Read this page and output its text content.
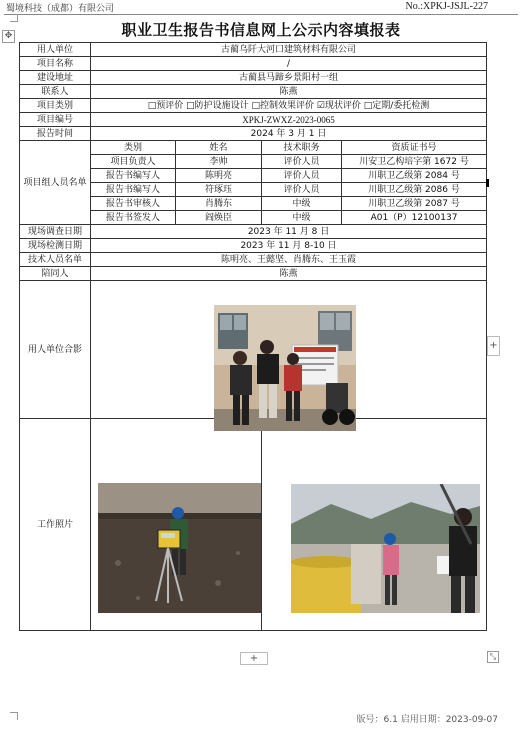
蜀境科技（成都）有限公司	No.:XPKJ-JSJL-227
职业卫生报告书信息网上公示内容填报表
✥
用人单位	古蔺乌阡大河口建筑材料有限公司			
项目名称	/			
建设地址	古蔺县马蹄乡景阳村一组			
联系人	陈燕			
项目类别	□预评价 □防护设施设计 □控制效果评价 ☑现状评价 □定期/委托检测			
项目编号	XPKJ-ZWXZ-2023-0065			
报告时间	2024 年 3 月 1 日			
项目组人员名单	类别	姓名	技术职务	资质证书号
	项目负责人	李帅	评价人员	川安卫乙构培字第 1672 号
	报告书编写人	陈明亮	评价人员	川职卫乙级第 2084 号
	报告书编写人	符琢珏	评价人员	川职卫乙级第 2086 号
	报告书审核人	肖腾东	中级	川职卫乙级第 2087 号
	报告书签发人	阎焕臣	中级	A01（P）12100137
现场调查日期	2023 年 11 月 8 日			
现场检测日期	2023 年 11 月 8-10 日			
技术人员名单	陈明亮、王懿坚、肖腾东、王玉霞			
陪同人	陈燕			
用人单位合影				
工作照片				
+
+	⤡
版号：6.1 启用日期：2023-09-07
